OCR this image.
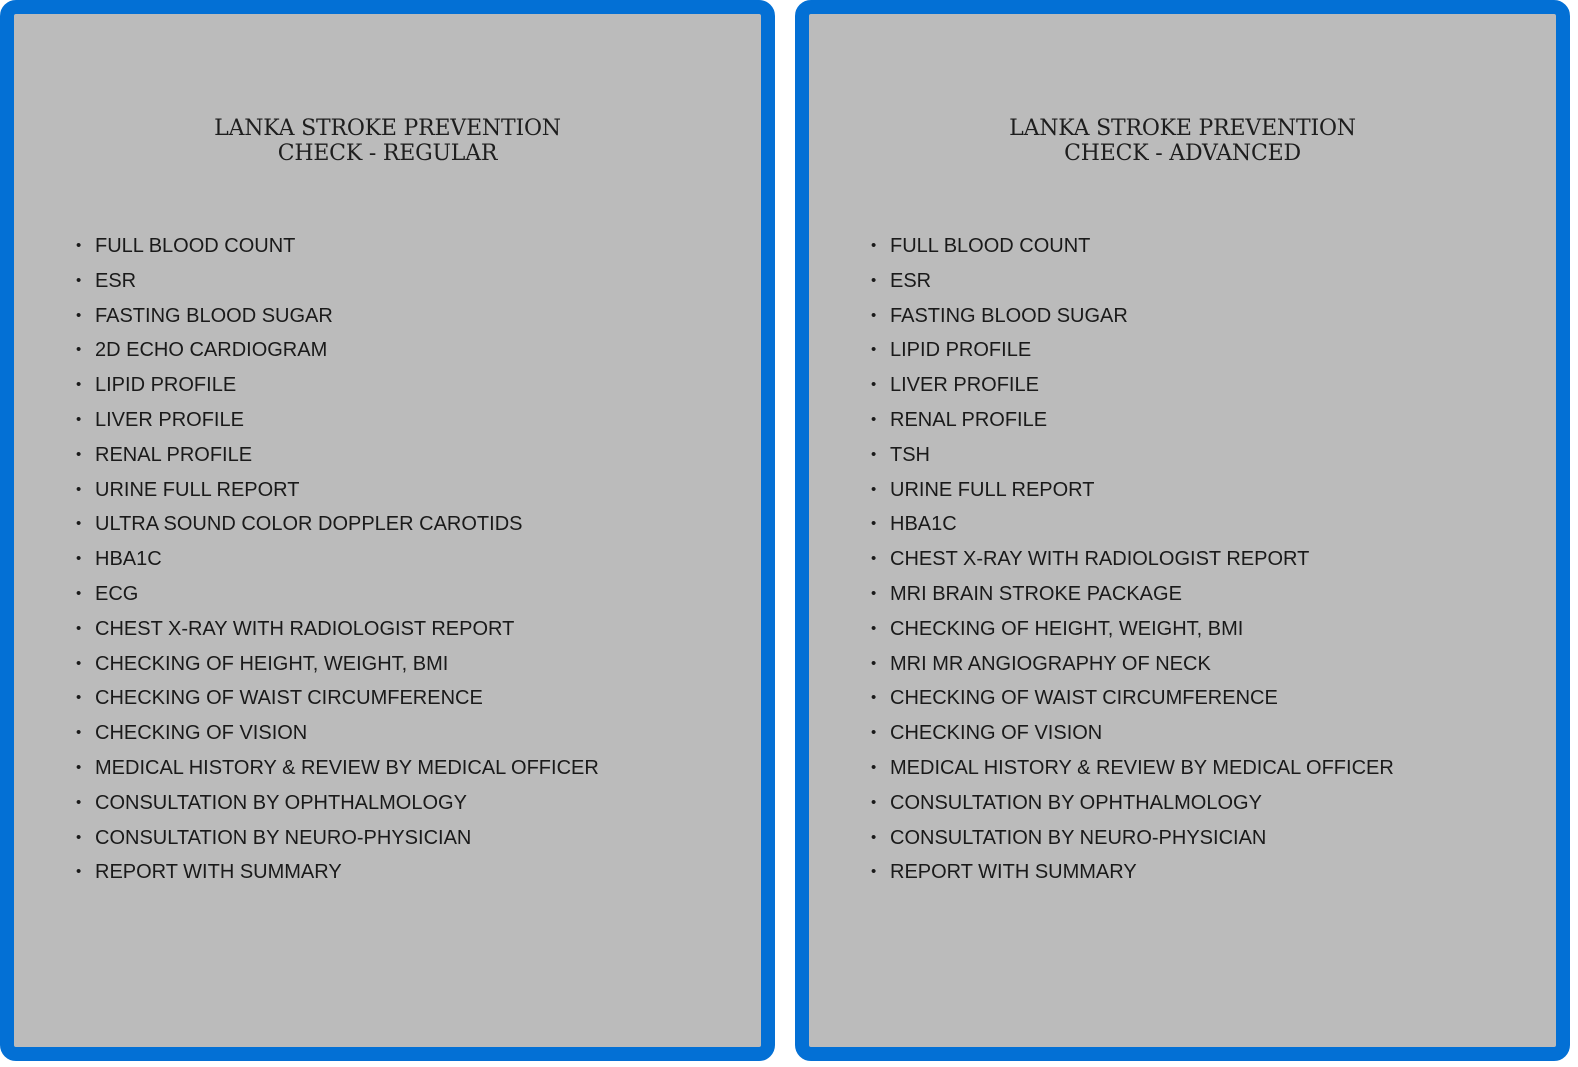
LANKA STROKE PREVENTION
CHECK - REGULAR
• FULL BLOOD COUNT
• ESR
• FASTING BLOOD SUGAR
• 2D ECHO CARDIOGRAM
• LIPID PROFILE
• LIVER PROFILE
• RENAL PROFILE
• URINE FULL REPORT
• ULTRA SOUND COLOR DOPPLER CAROTIDS
• HBA1C
• ECG
• CHEST X-RAY WITH RADIOLOGIST REPORT
• CHECKING OF HEIGHT, WEIGHT, BMI
• CHECKING OF WAIST CIRCUMFERENCE
• CHECKING OF VISION
• MEDICAL HISTORY & REVIEW BY MEDICAL OFFICER
• CONSULTATION BY OPHTHALMOLOGY
• CONSULTATION BY NEURO-PHYSICIAN
• REPORT WITH SUMMARY
LANKA STROKE PREVENTION
CHECK - ADVANCED
• FULL BLOOD COUNT
• ESR
• FASTING BLOOD SUGAR
• LIPID PROFILE
• LIVER PROFILE
• RENAL PROFILE
• TSH
• URINE FULL REPORT
• HBA1C
• CHEST X-RAY WITH RADIOLOGIST REPORT
• MRI BRAIN STROKE PACKAGE
• CHECKING OF HEIGHT, WEIGHT, BMI
• MRI MR ANGIOGRAPHY OF NECK
• CHECKING OF WAIST CIRCUMFERENCE
• CHECKING OF VISION
• MEDICAL HISTORY & REVIEW BY MEDICAL OFFICER
• CONSULTATION BY OPHTHALMOLOGY
• CONSULTATION BY NEURO-PHYSICIAN
• REPORT WITH SUMMARY
